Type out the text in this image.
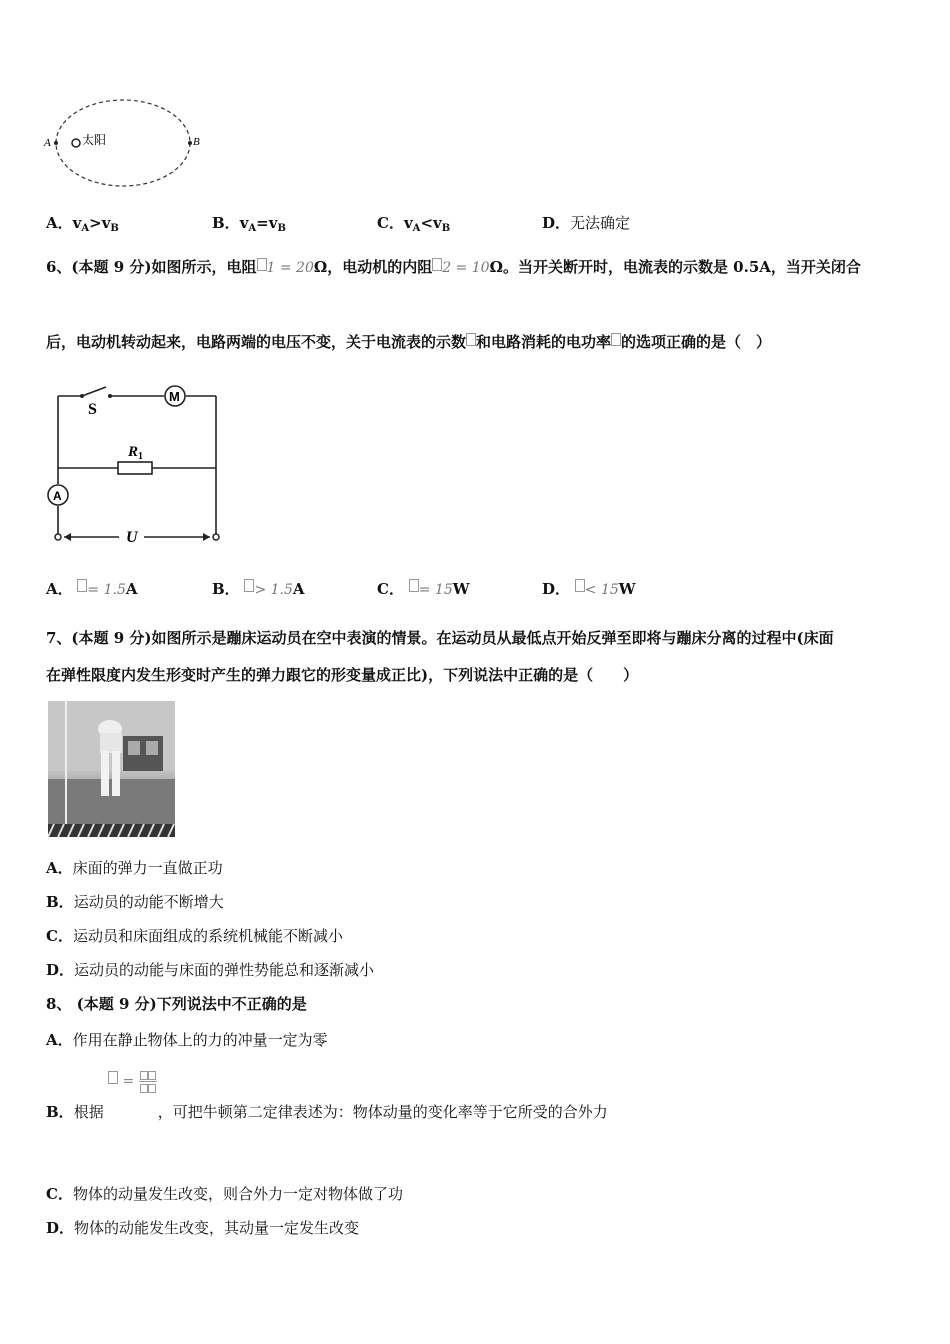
A	太阳	B
A．$v_A>v_B$	B．$v_A=v_B$	C．$v_A<v_B$	D．无法确定
6、(本题 9 分)如图所示，电阻 1 = 20Ω，电动机的内阻 2 = 10Ω。当开关断开时，电流表的示数是 0.5A，当开关闭合
后，电动机转动起来，电路两端的电压不变，关于电流表的示数 和电路消耗的电功率 的选项正确的是（　）
M
A
S
$R_1$
U
A． = 1.5A	B． > 1.5A	C． = 15W	D． < 15W
7、(本题 9 分)如图所示是蹦床运动员在空中表演的情景。在运动员从最低点开始反弹至即将与蹦床分离的过程中(床面
在弹性限度内发生形变时产生的弹力跟它的形变量成正比)，下列说法中正确的是（　　）
A．床面的弹力一直做正功
B．运动员的动能不断增大
C．运动员和床面组成的系统机械能不断减小
D．运动员的动能与床面的弹性势能总和逐渐减小
8、 (本题 9 分)下列说法中不正确的是
A．作用在静止物体上的力的冲量一定为零
=

B．根据	，可把牛顿第二定律表述为：物体动量的变化率等于它所受的合外力
C．物体的动量发生改变，则合外力一定对物体做了功
D．物体的动能发生改变，其动量一定发生改变
